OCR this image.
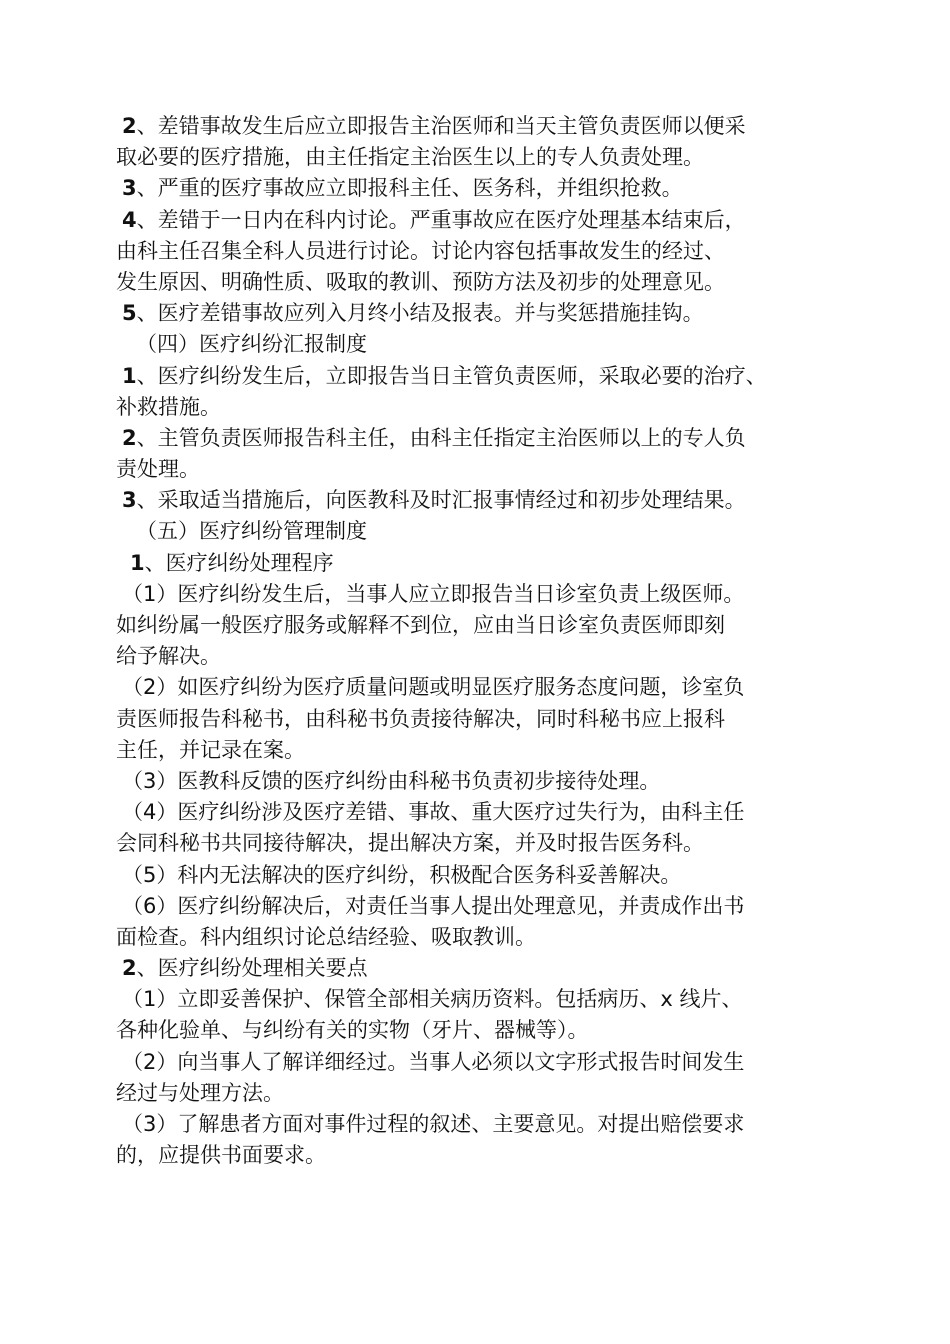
2、差错事故发生后应立即报告主治医师和当天主管负责医师以便采
取必要的医疗措施，由主任指定主治医生以上的专人负责处理。
3、严重的医疗事故应立即报科主任、医务科，并组织抢救。
4、差错于一日内在科内讨论。严重事故应在医疗处理基本结束后，
由科主任召集全科人员进行讨论。讨论内容包括事故发生的经过、
发生原因、明确性质、吸取的教训、预防方法及初步的处理意见。
5、医疗差错事故应列入月终小结及报表。并与奖惩措施挂钩。
（四）医疗纠纷汇报制度
1、医疗纠纷发生后，立即报告当日主管负责医师，采取必要的治疗、
补救措施。
2、主管负责医师报告科主任，由科主任指定主治医师以上的专人负
责处理。
3、采取适当措施后，向医教科及时汇报事情经过和初步处理结果。
（五）医疗纠纷管理制度
1、医疗纠纷处理程序
（1）医疗纠纷发生后，当事人应立即报告当日诊室负责上级医师。
如纠纷属一般医疗服务或解释不到位，应由当日诊室负责医师即刻
给予解决。
（2）如医疗纠纷为医疗质量问题或明显医疗服务态度问题，诊室负
责医师报告科秘书，由科秘书负责接待解决，同时科秘书应上报科
主任，并记录在案。
（3）医教科反馈的医疗纠纷由科秘书负责初步接待处理。
（4）医疗纠纷涉及医疗差错、事故、重大医疗过失行为，由科主任
会同科秘书共同接待解决，提出解决方案，并及时报告医务科。
（5）科内无法解决的医疗纠纷，积极配合医务科妥善解决。
（6）医疗纠纷解决后，对责任当事人提出处理意见，并责成作出书
面检查。科内组织讨论总结经验、吸取教训。
2、医疗纠纷处理相关要点
（1）立即妥善保护、保管全部相关病历资料。包括病历、x 线片、
各种化验单、与纠纷有关的实物（牙片、器械等）。
（2）向当事人了解详细经过。当事人必须以文字形式报告时间发生
经过与处理方法。
（3）了解患者方面对事件过程的叙述、主要意见。对提出赔偿要求
的，应提供书面要求。
